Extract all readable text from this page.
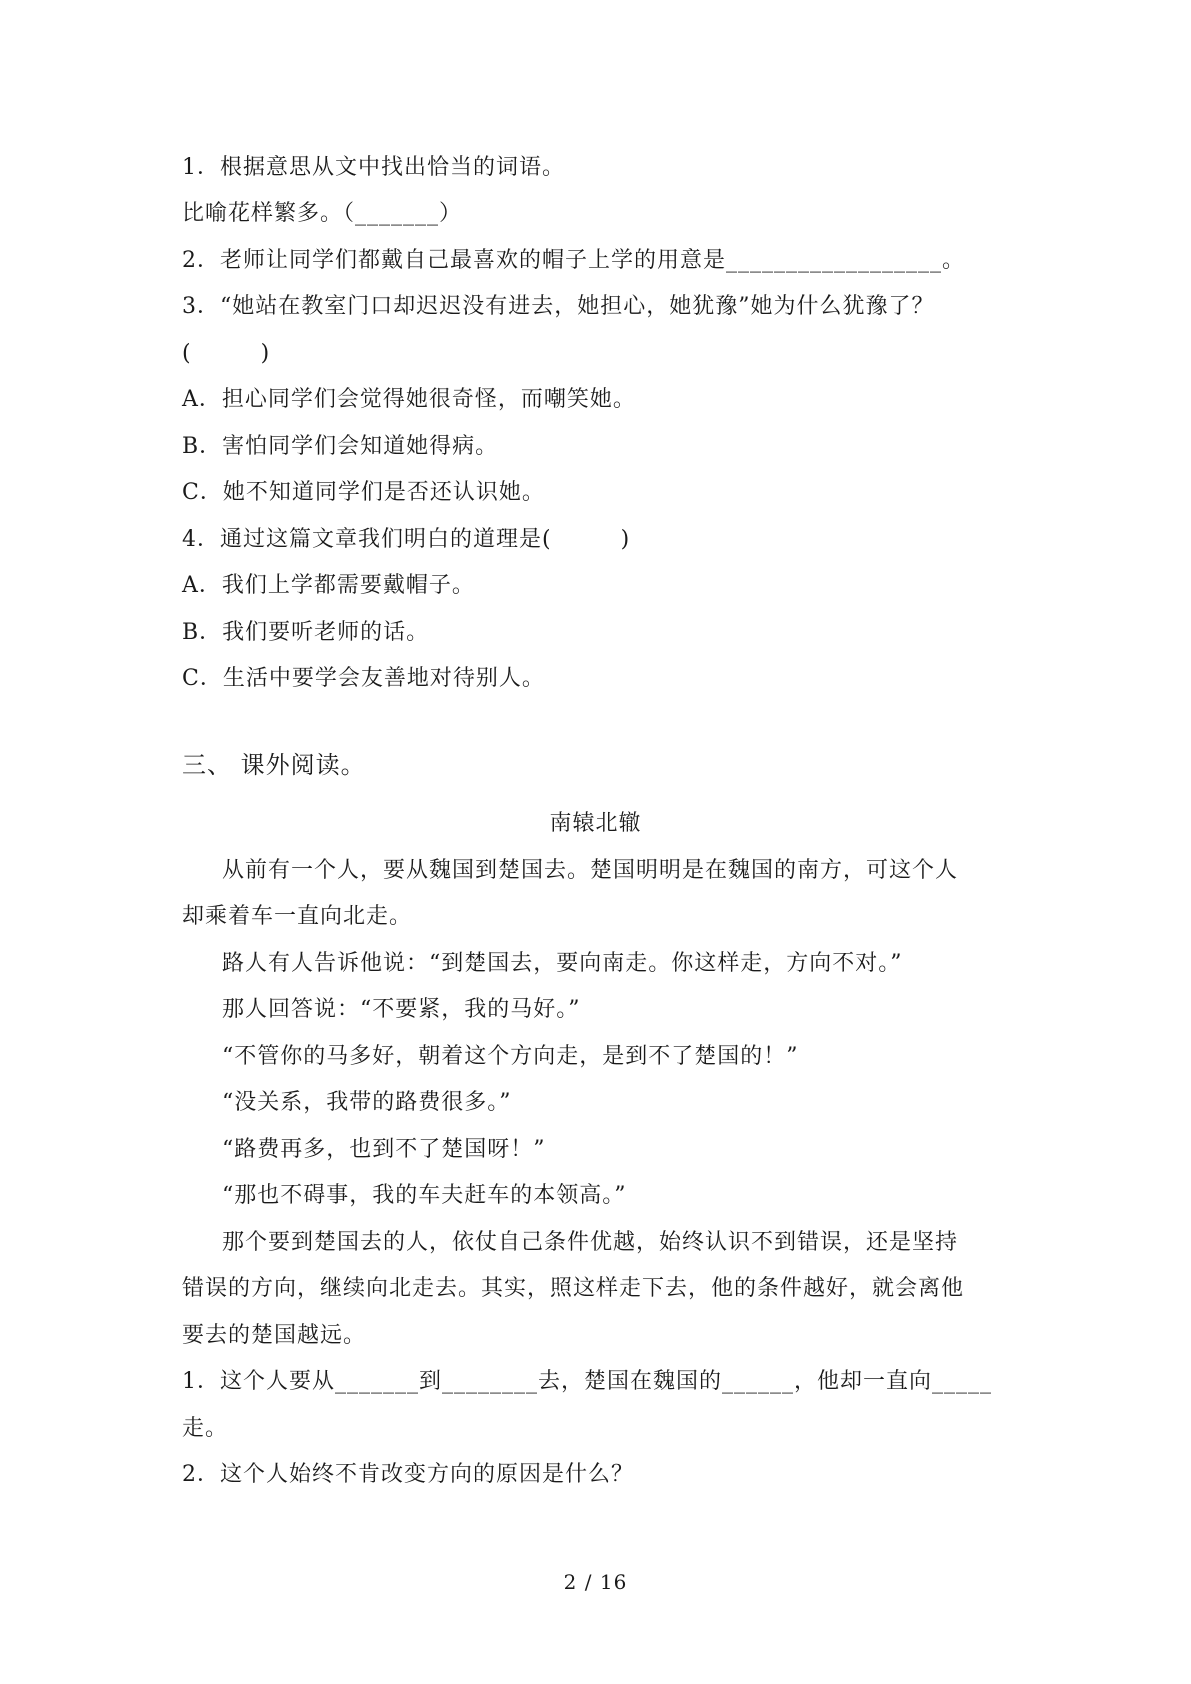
1．根据意思从文中找出恰当的词语。
比喻花样繁多。（_______）
2．老师让同学们都戴自己最喜欢的帽子上学的用意是__________________。
3．“她站在教室门口却迟迟没有进去，她担心，她犹豫”她为什么犹豫了？
(　　　)
A．担心同学们会觉得她很奇怪，而嘲笑她。
B．害怕同学们会知道她得病。
C．她不知道同学们是否还认识她。
4．通过这篇文章我们明白的道理是(　　　)
A．我们上学都需要戴帽子。
B．我们要听老师的话。
C．生活中要学会友善地对待别人。
三、 课外阅读。
南辕北辙
从前有一个人，要从魏国到楚国去。楚国明明是在魏国的南方，可这个人
却乘着车一直向北走。
路人有人告诉他说：“到楚国去，要向南走。你这样走，方向不对。”
那人回答说：“不要紧，我的马好。”
“不管你的马多好，朝着这个方向走，是到不了楚国的！”
“没关系，我带的路费很多。”
“路费再多，也到不了楚国呀！”
“那也不碍事，我的车夫赶车的本领高。”
那个要到楚国去的人，依仗自己条件优越，始终认识不到错误，还是坚持
错误的方向，继续向北走去。其实，照这样走下去，他的条件越好，就会离他
要去的楚国越远。
1．这个人要从_______到________去，楚国在魏国的______，他却一直向_____
走。
2．这个人始终不肯改变方向的原因是什么？
2 / 16
